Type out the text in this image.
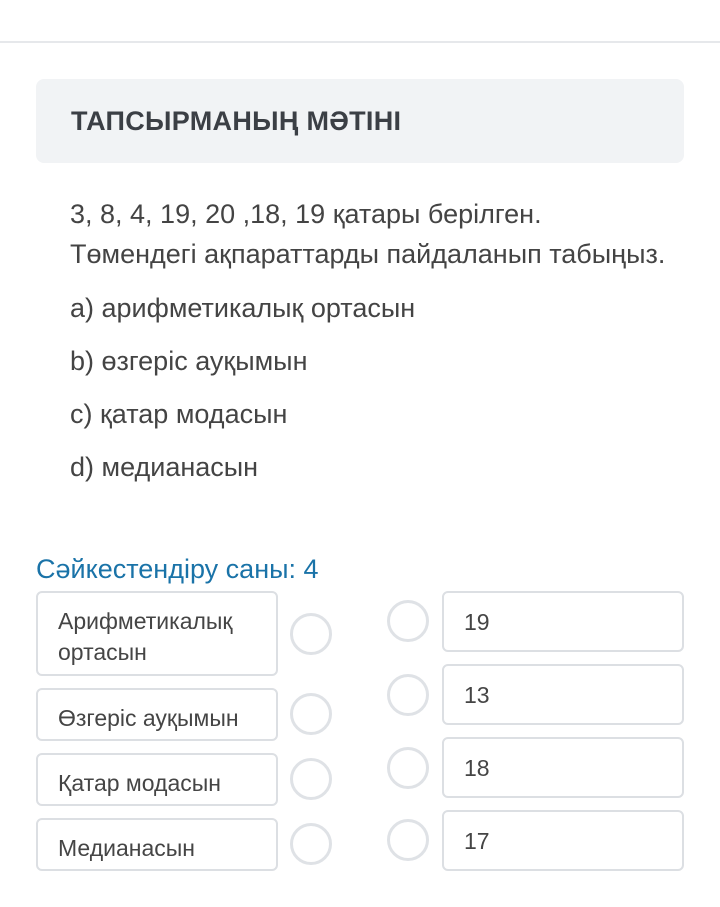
ТАПСЫРМАНЫҢ МӘТІНІ

3, 8, 4, 19, 20 ,18, 19 қатары берілген. Төмендегі ақпараттарды пайдаланып табыңыз.

a) арифметикалық ортасын
b) өзгеріс ауқымын
c) қатар модасын
d) медианасын
Сәйкестендіру саны: 4
Арифметикалық ортасын
Өзгеріс ауқымын
Қатар модасын
Медианасын
19
13
18
17
